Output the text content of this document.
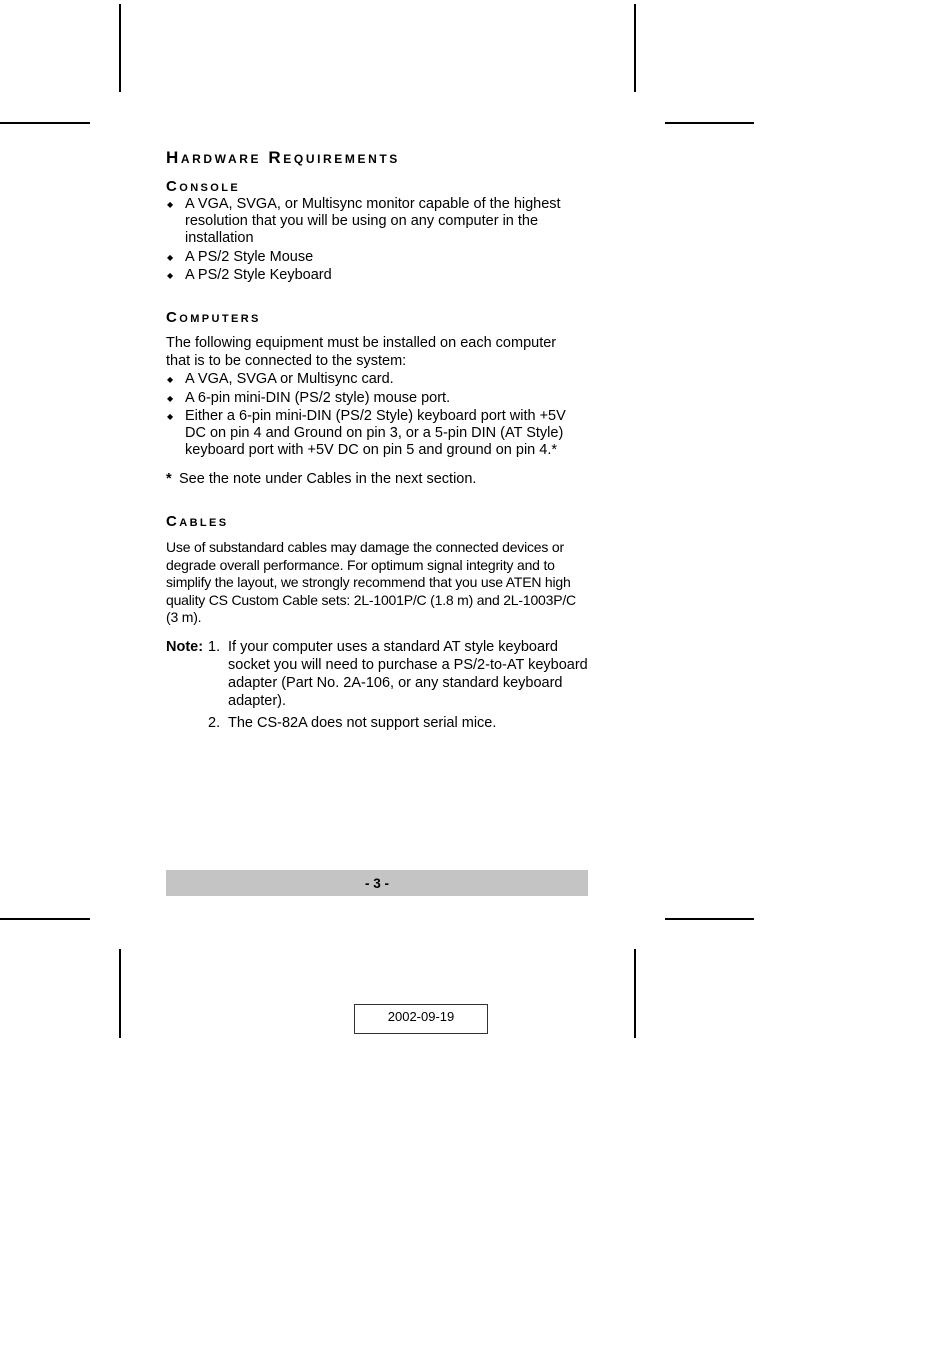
Hardware Requirements
Console
◆ A VGA, SVGA, or Multisync monitor capable of the highest resolution that you will be using on any computer in the installation
◆ A PS/2 Style Mouse
◆ A PS/2 Style Keyboard
Computers

The following equipment must be installed on each computer that is to be connected to the system:

◆ A VGA, SVGA or Multisync card.
◆ A 6-pin mini-DIN (PS/2 style) mouse port.
◆ Either a 6-pin mini-DIN (PS/2 Style) keyboard port with +5V DC on pin 4 and Ground on pin 3, or a 5-pin DIN (AT Style) keyboard port with +5V DC on pin 5 and ground on pin 4.*
* See the note under Cables in the next section.
Cables

Use of substandard cables may damage the connected devices or degrade overall performance. For optimum signal integrity and to simplify the layout, we strongly recommend that you use ATEN high quality CS Custom Cable sets: 2L-1001P/C (1.8 m) and 2L-1003P/C (3 m).

Note: 1. If your computer uses a standard AT style keyboard socket you will need to purchase a PS/2-to-AT keyboard adapter (Part No. 2A-106, or any standard keyboard adapter).
2. The CS-82A does not support serial mice.
- 3 -
2002-09-19
